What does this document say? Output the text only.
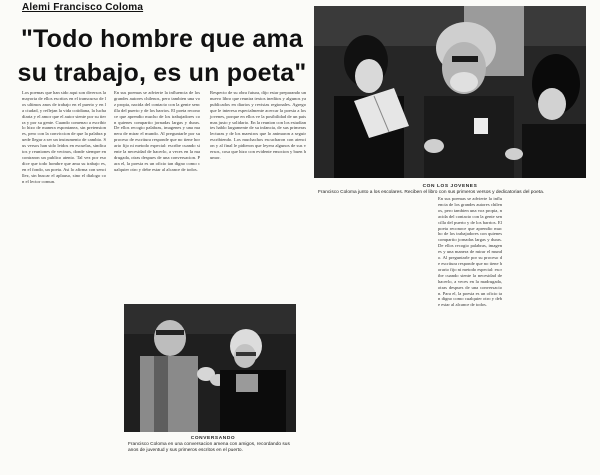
Alemi Francisco Coloma
"Todo hombre que ama su trabajo, es un poeta"
Los poemas que han sido aqui son diversos la mayoria de ellos escritos en el transcurso de los ultimos anos de trabajo en el puerto y en la ciudad, y reflejan la vida cotidiana, la lucha diaria y el amor que el autor siente por su tierra y por su gente. Cuando comenzo a escribir lo hizo de manera espontanea, sin pretensiones, pero con la conviccion de que la palabra puede llegar a ser un instrumento de cambio. Sus versos han sido leidos en escuelas, sindicatos y reuniones de vecinos, donde siempre encontraron un publico atento. Tal vez por eso dice que todo hombre que ama su trabajo es, en el fondo, un poeta. Asi lo afirma con sencillez, sin buscar el aplauso, sino el dialogo con el lector comun.
En sus poemas se advierte la influencia de los grandes autores chilenos, pero tambien una voz propia, nacida del contacto con la gente sencilla del puerto y de los barrios. El poeta reconoce que aprendio mucho de los trabajadores con quienes compartio jornadas largas y duras. De ellos recogio palabras, imagenes y una manera de mirar el mundo. Al preguntarle por su proceso de escritura responde que no tiene horario fijo ni metodo especial: escribe cuando siente la necesidad de hacerlo, a veces en la madrugada, otras despues de una conversacion. Para el, la poesia es un oficio tan digno como cualquier otro y debe estar al alcance de todos.
Respecto de su obra futura, dijo estar preparando un nuevo libro que reunira textos ineditos y algunos ya publicados en diarios y revistas regionales. Agrego que le interesa especialmente acercar la poesia a los jovenes, porque en ellos ve la posibilidad de un pais mas justo y solidario. En la reunion con los estudiantes hablo largamente de su infancia, de sus primeras lecturas y de los maestros que lo animaron a seguir escribiendo. Los muchachos escucharon con atencion y al final le pidieron que leyera algunos de sus versos, cosa que hizo con evidente emocion y buen humor.
En sus poemas se advierte la influencia de los grandes autores chilenos, pero tambien una voz propia, nacida del contacto con la gente sencilla del puerto y de los barrios. El poeta reconoce que aprendio mucho de los trabajadores con quienes compartio jornadas largas y duras. De ellos recogio palabras, imagenes y una manera de mirar el mundo. Al preguntarle por su proceso de escritura responde que no tiene horario fijo ni metodo especial: escribe cuando siente la necesidad de hacerlo, a veces en la madrugada, otras despues de una conversacion. Para el, la poesia es un oficio tan digno como cualquier otro y debe estar al alcance de todos.
CON LOS JOVENES
Francisco Coloma junto a los escolares. Reciben el libro con sus primeros versos y dedicatorias del poeta.
CONVERSANDO
Francisco Coloma en una conversacion amena con amigos, recordando sus anos de juventud y sus primeros escritos en el puerto.
